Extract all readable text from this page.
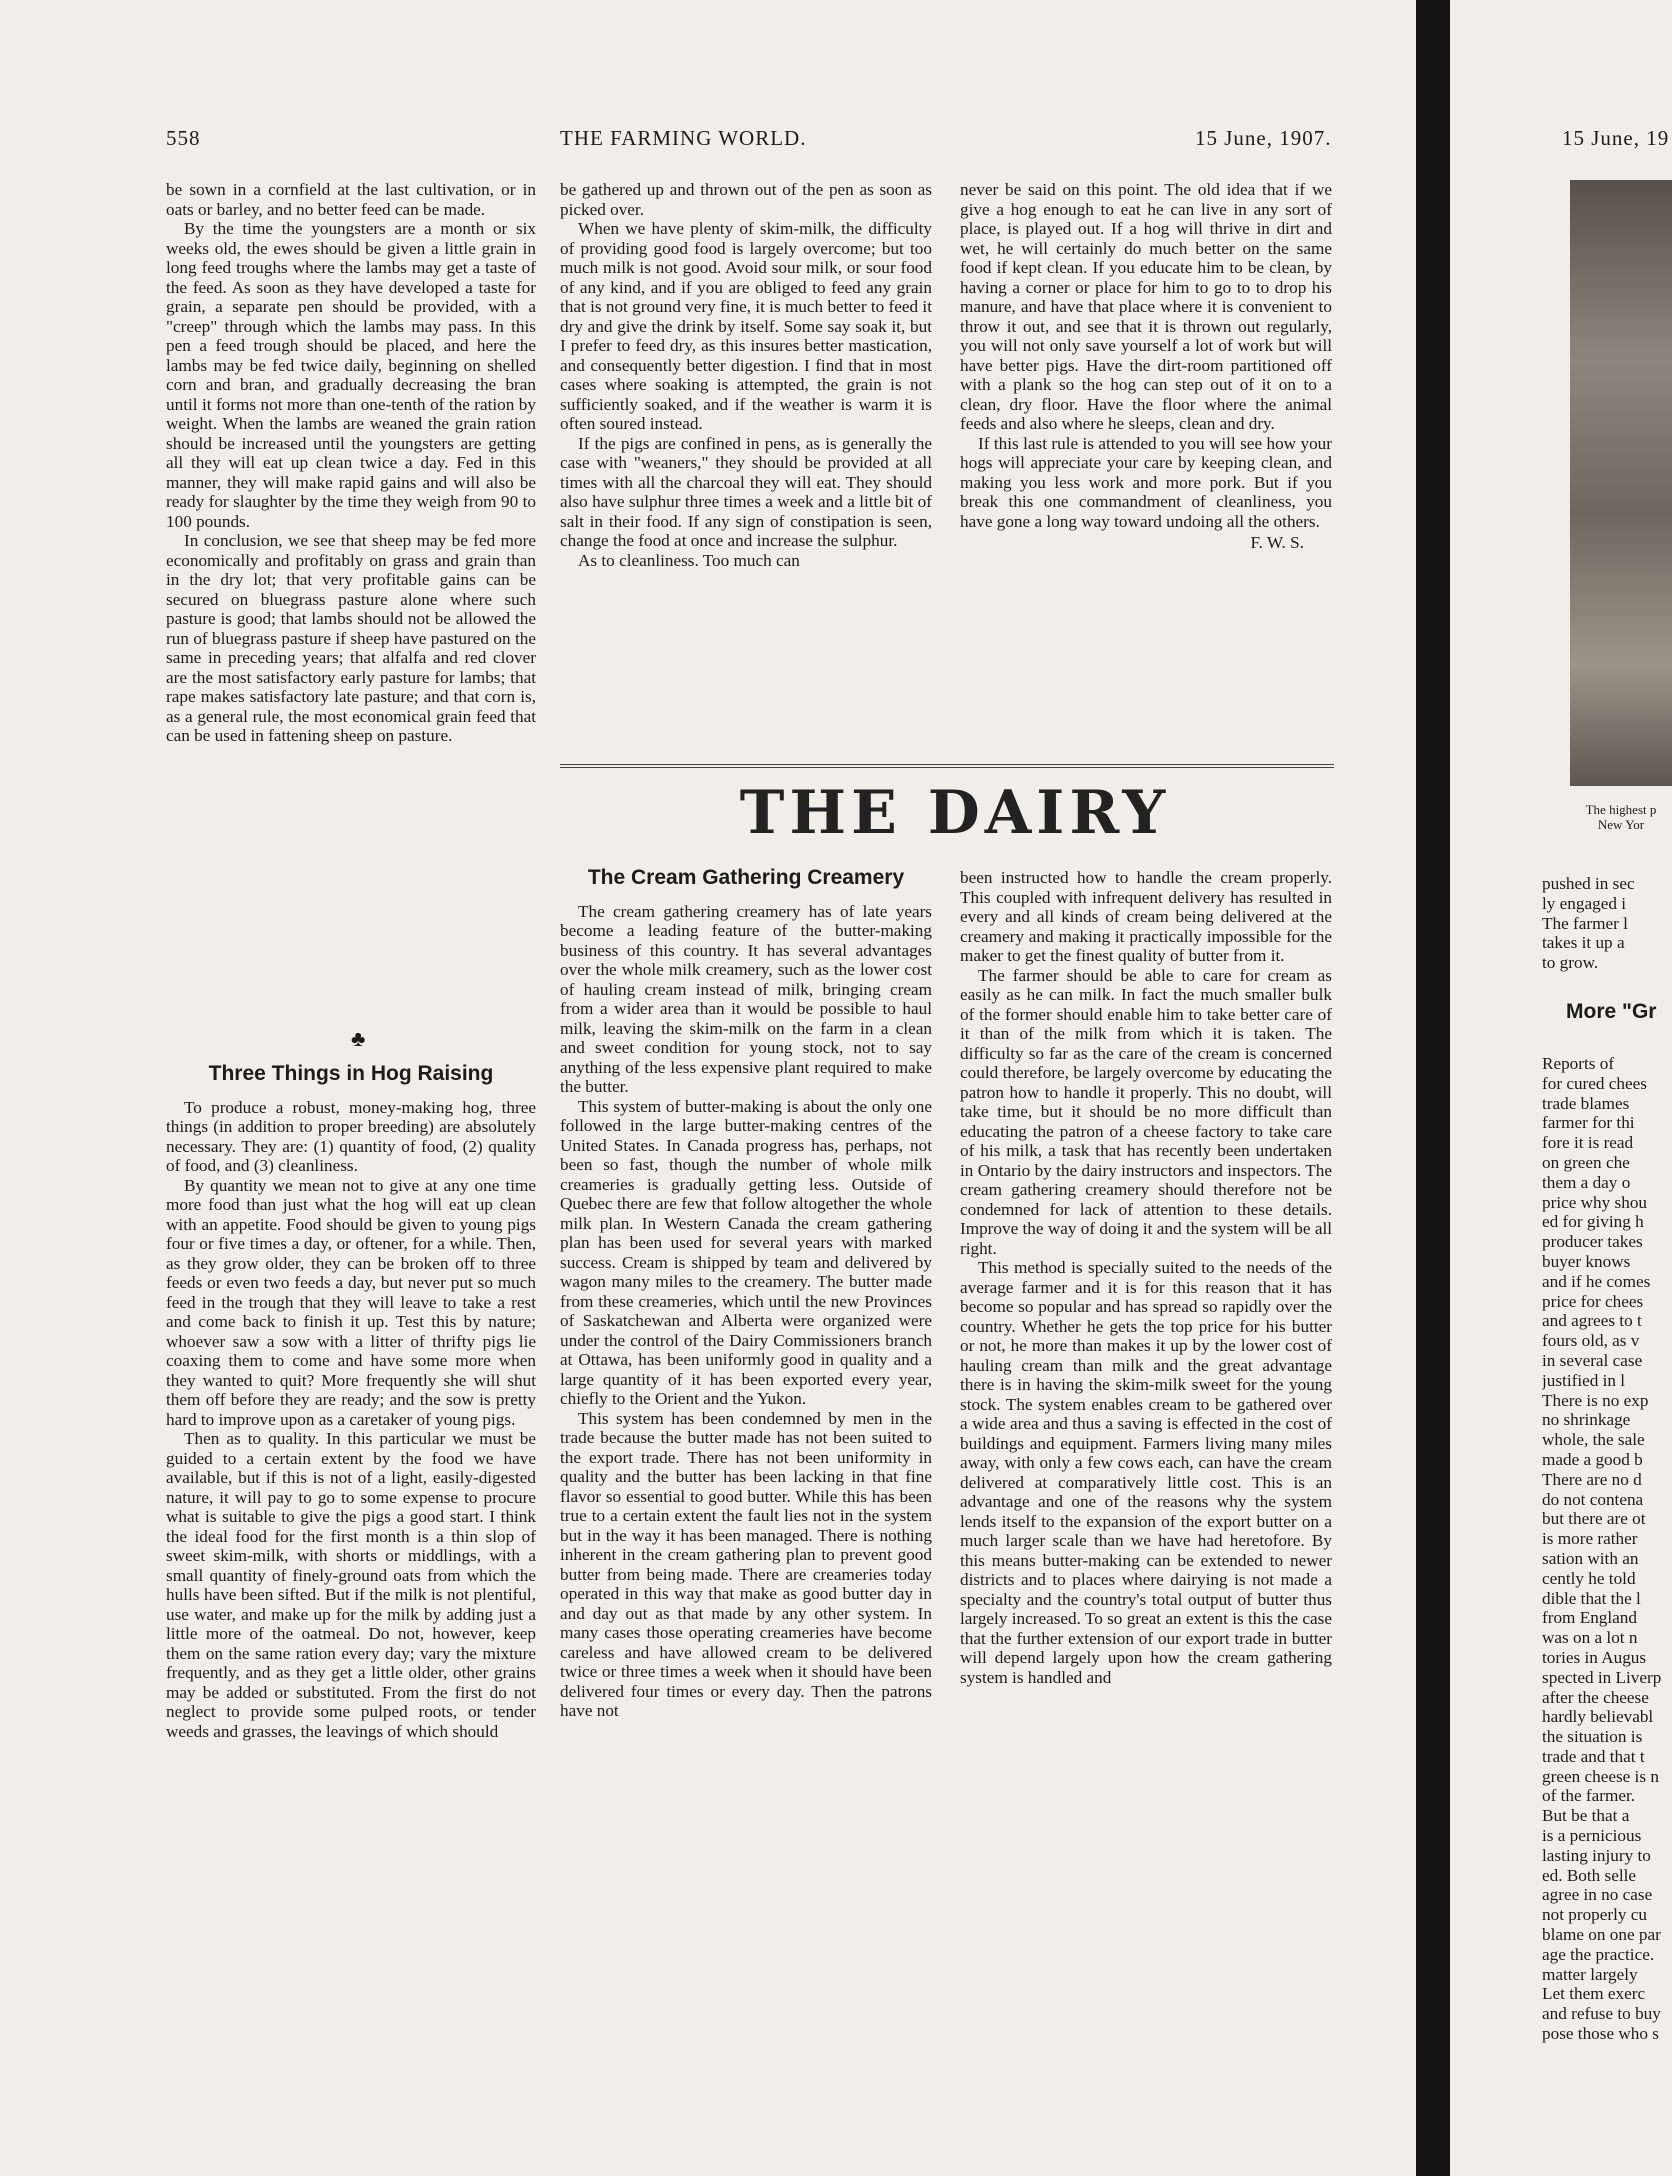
558	THE FARMING WORLD.	15 June, 1907.

be sown in a cornfield at the last cultivation, or in oats or barley, and no better feed can be made.

By the time the youngsters are a month or six weeks old, the ewes should be given a little grain in long feed troughs where the lambs may get a taste of the feed. As soon as they have developed a taste for grain, a separate pen should be provided, with a "creep" through which the lambs may pass. In this pen a feed trough should be placed, and here the lambs may be fed twice daily, beginning on shelled corn and bran, and gradually decreasing the bran until it forms not more than one-tenth of the ration by weight. When the lambs are weaned the grain ration should be increased until the youngsters are getting all they will eat up clean twice a day. Fed in this manner, they will make rapid gains and will also be ready for slaughter by the time they weigh from 90 to 100 pounds.

In conclusion, we see that sheep may be fed more economically and profitably on grass and grain than in the dry lot; that very profitable gains can be secured on bluegrass pasture alone where such pasture is good; that lambs should not be allowed the run of bluegrass pasture if sheep have pastured on the same in preceding years; that alfalfa and red clover are the most satisfactory early pasture for lambs; that rape makes satisfactory late pasture; and that corn is, as a general rule, the most economical grain feed that can be used in fattening sheep on pasture.

♣
Three Things in Hog Raising

To produce a robust, money-making hog, three things (in addition to proper breeding) are absolutely necessary. They are: (1) quantity of food, (2) quality of food, and (3) cleanliness.

By quantity we mean not to give at any one time more food than just what the hog will eat up clean with an appetite. Food should be given to young pigs four or five times a day, or oftener, for a while. Then, as they grow older, they can be broken off to three feeds or even two feeds a day, but never put so much feed in the trough that they will leave to take a rest and come back to finish it up. Test this by nature; whoever saw a sow with a litter of thrifty pigs lie coaxing them to come and have some more when they wanted to quit? More frequently she will shut them off before they are ready; and the sow is pretty hard to improve upon as a caretaker of young pigs.

Then as to quality. In this particular we must be guided to a certain extent by the food we have available, but if this is not of a light, easily-digested nature, it will pay to go to some expense to procure what is suitable to give the pigs a good start. I think the ideal food for the first month is a thin slop of sweet skim-milk, with shorts or middlings, with a small quantity of finely-ground oats from which the hulls have been sifted. But if the milk is not plentiful, use water, and make up for the milk by adding just a little more of the oatmeal. Do not, however, keep them on the same ration every day; vary the mixture frequently, and as they get a little older, other grains may be added or substituted. From the first do not neglect to provide some pulped roots, or tender weeds and grasses, the leavings of which should

be gathered up and thrown out of the pen as soon as picked over.

When we have plenty of skim-milk, the difficulty of providing good food is largely overcome; but too much milk is not good. Avoid sour milk, or sour food of any kind, and if you are obliged to feed any grain that is not ground very fine, it is much better to feed it dry and give the drink by itself. Some say soak it, but I prefer to feed dry, as this insures better mastication, and consequently better digestion. I find that in most cases where soaking is attempted, the grain is not sufficiently soaked, and if the weather is warm it is often soured instead.

If the pigs are confined in pens, as is generally the case with "weaners," they should be provided at all times with all the charcoal they will eat. They should also have sulphur three times a week and a little bit of salt in their food. If any sign of constipation is seen, change the food at once and increase the sulphur.

As to cleanliness. Too much can

never be said on this point. The old idea that if we give a hog enough to eat he can live in any sort of place, is played out. If a hog will thrive in dirt and wet, he will certainly do much better on the same food if kept clean. If you educate him to be clean, by having a corner or place for him to go to to drop his manure, and have that place where it is convenient to throw it out, and see that it is thrown out regularly, you will not only save yourself a lot of work but will have better pigs. Have the dirt-room partitioned off with a plank so the hog can step out of it on to a clean, dry floor. Have the floor where the animal feeds and also where he sleeps, clean and dry.

If this last rule is attended to you will see how your hogs will appreciate your care by keeping clean, and making you less work and more pork. But if you break this one commandment of cleanliness, you have gone a long way toward undoing all the others.

F. W. S.

THE DAIRY
The Cream Gathering Creamery

The cream gathering creamery has of late years become a leading feature of the butter-making business of this country. It has several advantages over the whole milk creamery, such as the lower cost of hauling cream instead of milk, bringing cream from a wider area than it would be possible to haul milk, leaving the skim-milk on the farm in a clean and sweet condition for young stock, not to say anything of the less expensive plant required to make the butter.

This system of butter-making is about the only one followed in the large butter-making centres of the United States. In Canada progress has, perhaps, not been so fast, though the number of whole milk creameries is gradually getting less. Outside of Quebec there are few that follow altogether the whole milk plan. In Western Canada the cream gathering plan has been used for several years with marked success. Cream is shipped by team and delivered by wagon many miles to the creamery. The butter made from these creameries, which until the new Provinces of Saskatchewan and Alberta were organized were under the control of the Dairy Commissioners branch at Ottawa, has been uniformly good in quality and a large quantity of it has been exported every year, chiefly to the Orient and the Yukon.

This system has been condemned by men in the trade because the butter made has not been suited to the export trade. There has not been uniformity in quality and the butter has been lacking in that fine flavor so essential to good butter. While this has been true to a certain extent the fault lies not in the system but in the way it has been managed. There is nothing inherent in the cream gathering plan to prevent good butter from being made. There are creameries today operated in this way that make as good butter day in and day out as that made by any other system. In many cases those operating creameries have become careless and have allowed cream to be delivered twice or three times a week when it should have been delivered four times or every day. Then the patrons have not

been instructed how to handle the cream properly. This coupled with infrequent delivery has resulted in every and all kinds of cream being delivered at the creamery and making it practically impossible for the maker to get the finest quality of butter from it.

The farmer should be able to care for cream as easily as he can milk. In fact the much smaller bulk of the former should enable him to take better care of it than of the milk from which it is taken. The difficulty so far as the care of the cream is concerned could therefore, be largely overcome by educating the patron how to handle it properly. This no doubt, will take time, but it should be no more difficult than educating the patron of a cheese factory to take care of his milk, a task that has recently been undertaken in Ontario by the dairy instructors and inspectors. The cream gathering creamery should therefore not be condemned for lack of attention to these details. Improve the way of doing it and the system will be all right.

This method is specially suited to the needs of the average farmer and it is for this reason that it has become so popular and has spread so rapidly over the country. Whether he gets the top price for his butter or not, he more than makes it up by the lower cost of hauling cream than milk and the great advantage there is in having the skim-milk sweet for the young stock. The system enables cream to be gathered over a wide area and thus a saving is effected in the cost of buildings and equipment. Farmers living many miles away, with only a few cows each, can have the cream delivered at comparatively little cost. This is an advantage and one of the reasons why the system lends itself to the expansion of the export butter on a much larger scale than we have had heretofore. By this means butter-making can be extended to newer districts and to places where dairying is not made a specialty and the country's total output of butter thus largely increased. To so great an extent is this the case that the further extension of our export trade in butter will depend largely upon how the cream gathering system is handled and

15 June, 19
The highest p
New Yor
pushed in sec
ly engaged i
The farmer l
takes it up a
to grow.
More "Gr
Reports of
for cured chees
trade blames
farmer for thi
fore it is read
on green che
them a day o
price why shou
ed for giving h
producer takes
buyer knows
and if he comes
price for chees
and agrees to t
fours old, as v
in several case
justified in l
There is no exp
no shrinkage
whole, the sale
made a good b
There are no d
do not contena
but there are ot
is more rather
sation with an
cently he told
dible that the l
from England
was on a lot n
tories in Augus
spected in Liverp
after the cheese
hardly believabl
the situation is
trade and that t
green cheese is n
of the farmer.
But be that a
is a pernicious
lasting injury to
ed. Both selle
agree in no case
not properly cu
blame on one par
age the practice.
matter largely
Let them exerc
and refuse to buy
pose those who s
